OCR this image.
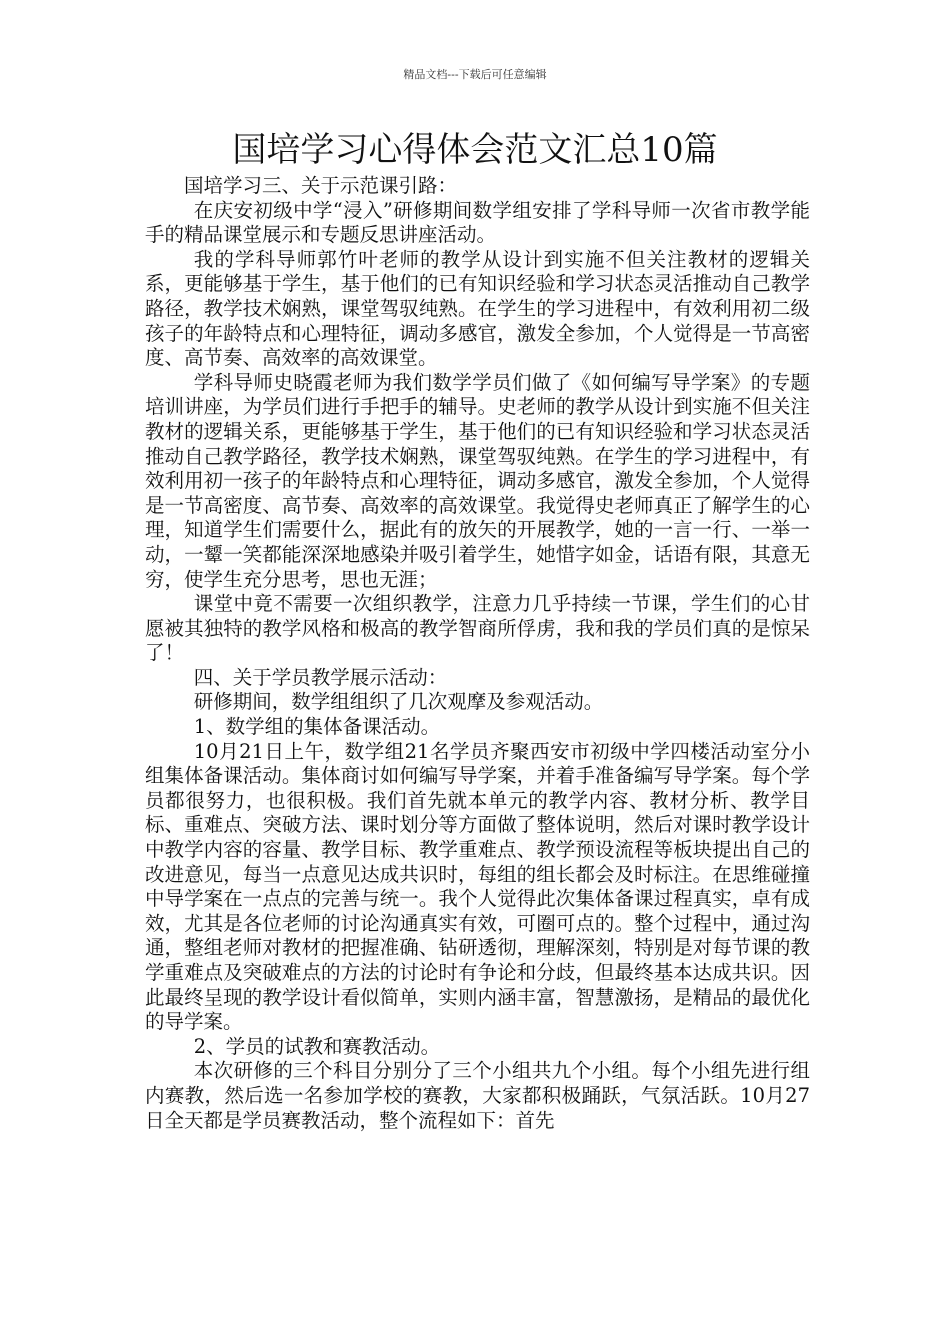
精品文档---下载后可任意编辑
国培学习心得体会范文汇总10篇

国培学习三、关于示范课引路：

在庆安初级中学“浸入”研修期间数学组安排了学科导师一次省市教学能手的精品课堂展示和专题反思讲座活动。

我的学科导师郭竹叶老师的教学从设计到实施不但关注教材的逻辑关系，更能够基于学生，基于他们的已有知识经验和学习状态灵活推动自己教学路径，教学技术娴熟，课堂驾驭纯熟。在学生的学习进程中，有效利用初二级孩子的年龄特点和心理特征，调动多感官，激发全参加，个人觉得是一节高密度、高节奏、高效率的高效课堂。

学科导师史晓霞老师为我们数学学员们做了《如何编写导学案》的专题培训讲座，为学员们进行手把手的辅导。史老师的教学从设计到实施不但关注教材的逻辑关系，更能够基于学生，基于他们的已有知识经验和学习状态灵活推动自己教学路径，教学技术娴熟，课堂驾驭纯熟。在学生的学习进程中，有效利用初一孩子的年龄特点和心理特征，调动多感官，激发全参加，个人觉得是一节高密度、高节奏、高效率的高效课堂。我觉得史老师真正了解学生的心理，知道学生们需要什么，据此有的放矢的开展教学，她的一言一行、一举一动，一颦一笑都能深深地感染并吸引着学生，她惜字如金，话语有限，其意无穷，使学生充分思考，思也无涯；

课堂中竟不需要一次组织教学，注意力几乎持续一节课，学生们的心甘愿被其独特的教学风格和极高的教学智商所俘虏，我和我的学员们真的是惊呆了！

四、关于学员教学展示活动：

研修期间，数学组组织了几次观摩及参观活动。

1、数学组的集体备课活动。

10月21日上午，数学组21名学员齐聚西安市初级中学四楼活动室分小组集体备课活动。集体商讨如何编写导学案，并着手准备编写导学案。每个学员都很努力，也很积极。我们首先就本单元的教学内容、教材分析、教学目标、重难点、突破方法、课时划分等方面做了整体说明，然后对课时教学设计中教学内容的容量、教学目标、教学重难点、教学预设流程等板块提出自己的改进意见，每当一点意见达成共识时，每组的组长都会及时标注。在思维碰撞中导学案在一点点的完善与统一。我个人觉得此次集体备课过程真实，卓有成效，尤其是各位老师的讨论沟通真实有效，可圈可点的。整个过程中，通过沟通，整组老师对教材的把握准确、钻研透彻，理解深刻，特别是对每节课的教学重难点及突破难点的方法的讨论时有争论和分歧，但最终基本达成共识。因此最终呈现的教学设计看似简单，实则内涵丰富，智慧激扬，是精品的最优化的导学案。

2、学员的试教和赛教活动。

本次研修的三个科目分别分了三个小组共九个小组。每个小组先进行组内赛教，然后选一名参加学校的赛教，大家都积极踊跃，气氛活跃。10月27日全天都是学员赛教活动，整个流程如下：首先
